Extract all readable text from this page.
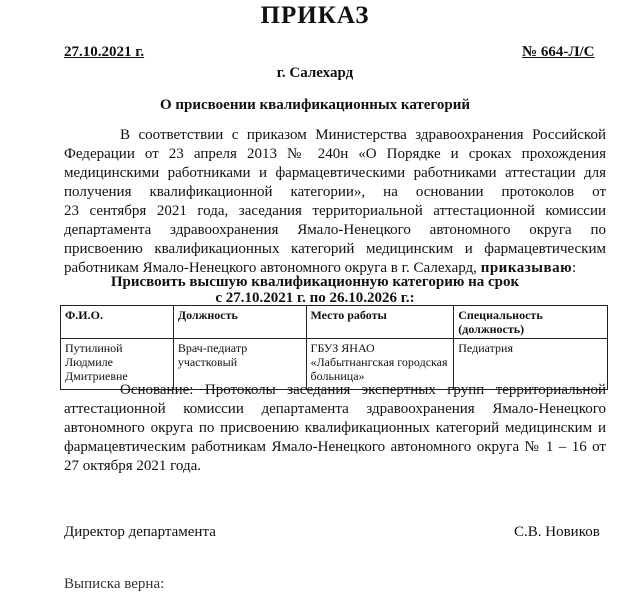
ПРИКАЗ
27.10.2021 г.	№ 664-Л/С
г. Салехард
О присвоении квалификационных категорий
В соответствии с приказом Министерства здравоохранения Российской
Федерации от 23 апреля 2013 № 240н «О Порядке и сроках прохождения
медицинскими работниками и фармацевтическими работниками аттестации для
получения квалификационной категории», на основании протоколов от
23 сентября 2021 года, заседания территориальной аттестационной комиссии
департамента здравоохранения Ямало-Ненецкого автономного округа по
присвоению квалификационных категорий медицинским и фармацевтическим
работникам Ямало-Ненецкого автономного округа в г. Салехард, приказываю:
Присвоить высшую квалификационную категорию на срок
с 27.10.2021 г. по 26.10.2026 г.:
Ф.И.О.	Должность	Место работы	Специальность (должность)
Путилиной Людмиле Дмитриевне	Врач-педиатр участковый	ГБУЗ ЯНАО «Лабытнангская городская больница»	Педиатрия
Основание: Протоколы заседания экспертных групп территориальной
аттестационной комиссии департамента здравоохранения Ямало-Ненецкого
автономного округа по присвоению квалификационных категорий медицинским и
фармацевтическим работникам Ямало-Ненецкого автономного округа № 1 – 16 от
27 октября 2021 года.
Директор департамента	С.В. Новиков
Выписка верна:
